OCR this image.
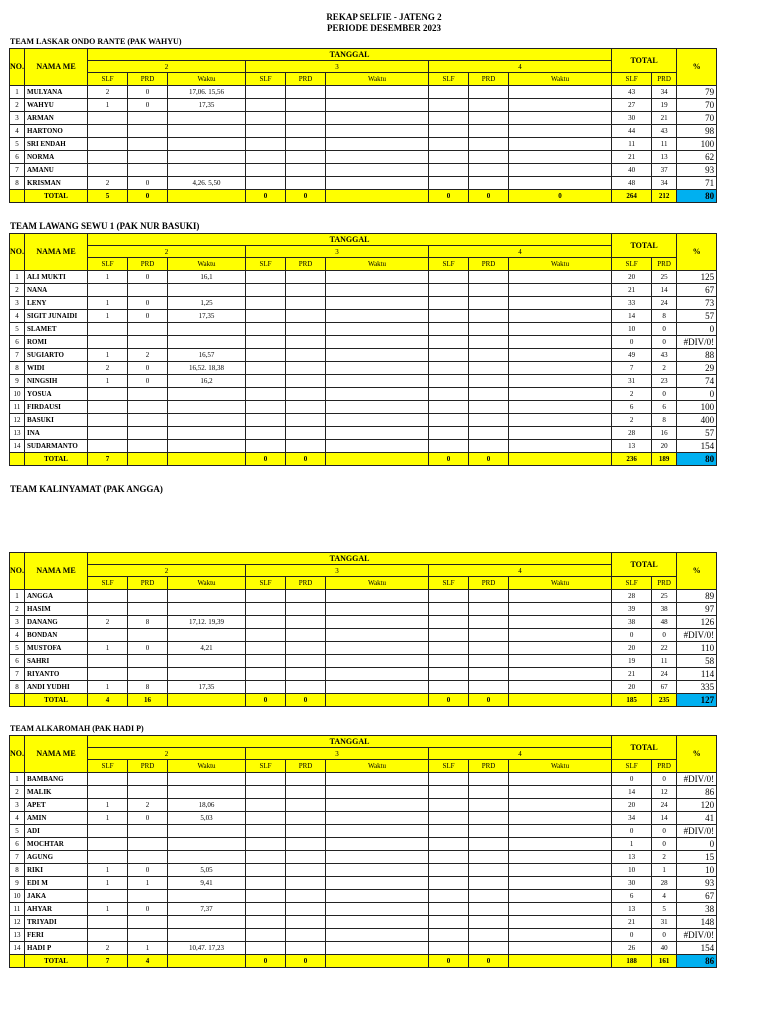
REKAP SELFIE - JATENG 2
PERIODE DESEMBER 2023
TEAM LASKAR ONDO RANTE (PAK WAHYU)
NO.	NAMA ME	TANGGAL									TOTAL		%
		2			3			4					
		SLF	PRD	Waktu	SLF	PRD	Waktu	SLF	PRD	Waktu	SLF	PRD	
1	MULYANA	2	0	17,06. 15,56							43	34	79
2	WAHYU	1	0	17,35							27	19	70
3	ARMAN										30	21	70
4	HARTONO										44	43	98
5	SRI ENDAH										11	11	100
6	NORMA										21	13	62
7	AMANU										40	37	93
8	KRISMAN	2	0	4,26. 5,50							48	34	71
	TOTAL	5	0		0	0		0	0	0	264	212	80
TEAM LAWANG SEWU 1 (PAK NUR BASUKI)
NO.	NAMA ME	TANGGAL									TOTAL		%
		2			3			4					
		SLF	PRD	Waktu	SLF	PRD	Waktu	SLF	PRD	Waktu	SLF	PRD	
1	ALI MUKTI	1	0	16,1							20	25	125
2	NANA										21	14	67
3	LENY	1	0	1,25							33	24	73
4	SIGIT JUNAIDI	1	0	17,35							14	8	57
5	SLAMET										10	0	0
6	ROMI										0	0	#DIV/0!
7	SUGIARTO	1	2	16,57							49	43	88
8	WIDI	2	0	16,52. 18,38							7	2	29
9	NINGSIH	1	0	16,2							31	23	74
10	YOSUA										2	0	0
11	FIRDAUSI										6	6	100
12	BASUKI										2	8	400
13	INA										28	16	57
14	SUDARMANTO										13	20	154
	TOTAL	7			0	0		0	0		236	189	80
TEAM KALINYAMAT (PAK ANGGA)
NO.	NAMA ME	TANGGAL									TOTAL		%
		2			3			4					
		SLF	PRD	Waktu	SLF	PRD	Waktu	SLF	PRD	Waktu	SLF	PRD	
1	ANGGA										28	25	89
2	HASIM										39	38	97
3	DANANG	2	8	17,12. 19,39							38	48	126
4	BONDAN										0	0	#DIV/0!
5	MUSTOFA	1	0	4,21							20	22	110
6	SAHRI										19	11	58
7	RIYANTO										21	24	114
8	ANDI YUDHI	1	8	17,35							20	67	335
	TOTAL	4	16		0	0		0	0		185	235	127
TEAM ALKAROMAH (PAK HADI P)
NO.	NAMA ME	TANGGAL									TOTAL		%
		2			3			4					
		SLF	PRD	Waktu	SLF	PRD	Waktu	SLF	PRD	Waktu	SLF	PRD	
1	BAMBANG										0	0	#DIV/0!
2	MALIK										14	12	86
3	APET	1	2	18,06							20	24	120
4	AMIN	1	0	5,03							34	14	41
5	ADI										0	0	#DIV/0!
6	MOCHTAR										1	0	0
7	AGUNG										13	2	15
8	RIKI	1	0	5,05							10	1	10
9	EDI M	1	1	9,41							30	28	93
10	JAKA										6	4	67
11	AHYAR	1	0	7,37							13	5	38
12	TRIYADI										21	31	148
13	FERI										0	0	#DIV/0!
14	HADI P	2	1	10,47. 17,23							26	40	154
	TOTAL	7	4		0	0		0	0		188	161	86
